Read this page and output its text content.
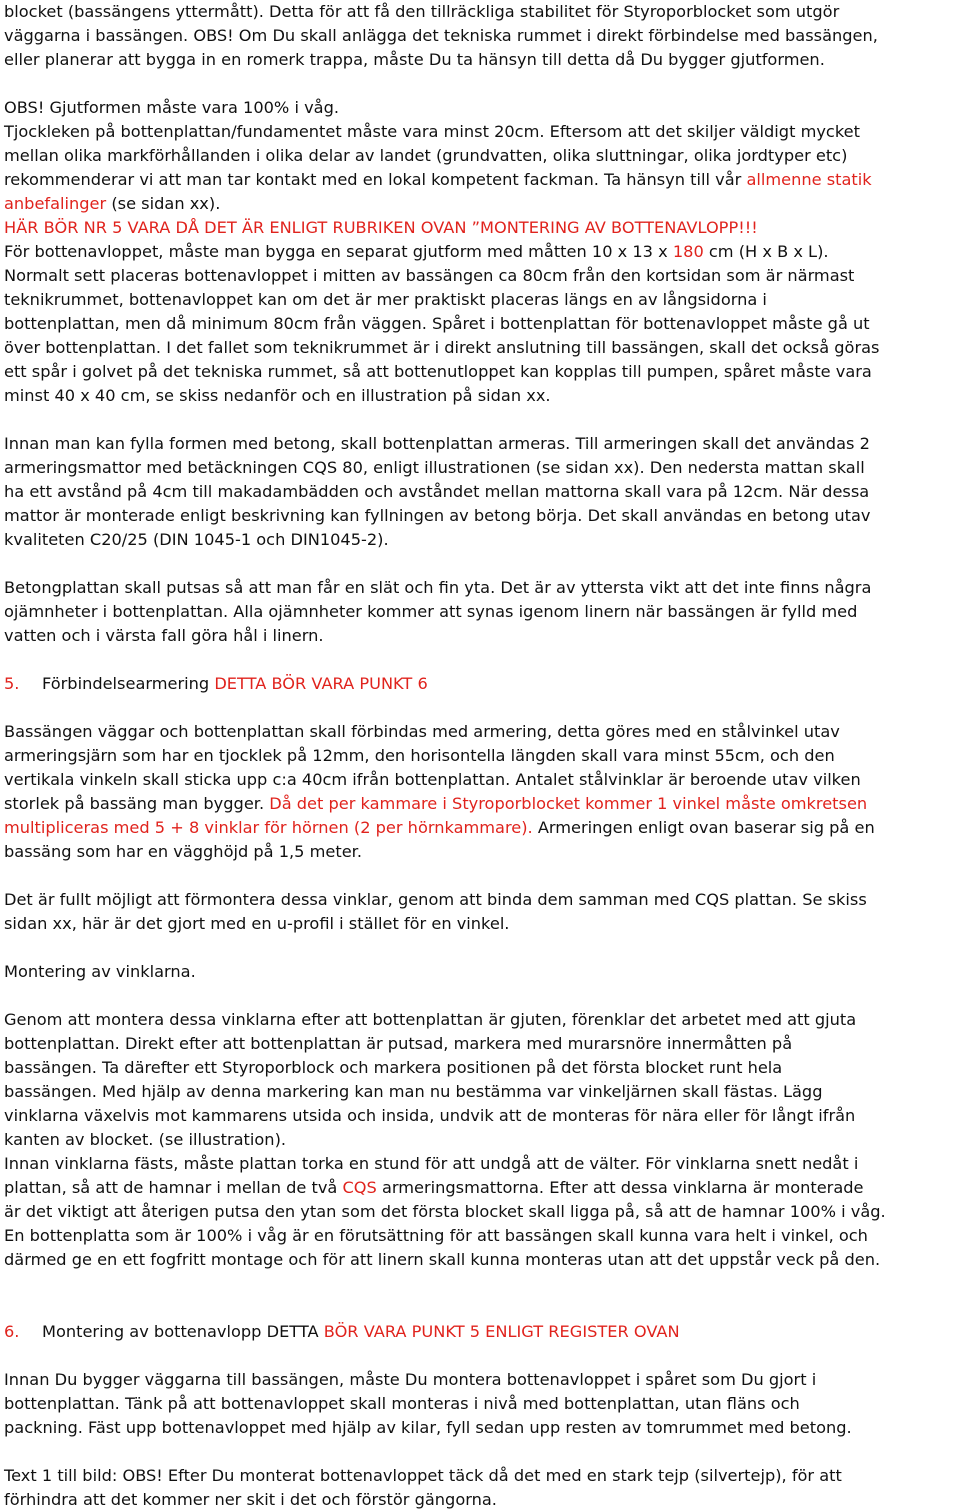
blocket (bassängens yttermått). Detta för att få den tillräckliga stabilitet för Styroporblocket som utgör

väggarna i bassängen. OBS! Om Du skall anlägga det tekniska rummet i direkt förbindelse med bassängen,

eller planerar att bygga in en romerk trappa, måste Du ta hänsyn till detta då Du bygger gjutformen.

OBS! Gjutformen måste vara 100% i våg.

Tjockleken på bottenplattan/fundamentet måste vara minst 20cm. Eftersom att det skiljer väldigt mycket

mellan olika markförhållanden i olika delar av landet (grundvatten, olika sluttningar, olika jordtyper etc)

rekommenderar vi att man tar kontakt med en lokal kompetent fackman. Ta hänsyn till vår allmenne statik

anbefalinger (se sidan xx).

HÄR BÖR NR 5 VARA DÅ DET ÄR ENLIGT RUBRIKEN OVAN ”MONTERING AV BOTTENAVLOPP!!!

För bottenavloppet, måste man bygga en separat gjutform med måtten 10 x 13 x 180 cm (H x B x L).

Normalt sett placeras bottenavloppet i mitten av bassängen ca 80cm från den kortsidan som är närmast

teknikrummet, bottenavloppet kan om det är mer praktiskt placeras längs en av långsidorna i

bottenplattan, men då minimum 80cm från väggen. Spåret i bottenplattan för bottenavloppet måste gå ut

över bottenplattan. I det fallet som teknikrummet är i direkt anslutning till bassängen, skall det också göras

ett spår i golvet på det tekniska rummet, så att bottenutloppet kan kopplas till pumpen, spåret måste vara

minst 40 x 40 cm, se skiss nedanför och en illustration på sidan xx.

Innan man kan fylla formen med betong, skall bottenplattan armeras. Till armeringen skall det användas 2

armeringsmattor med betäckningen CQS 80, enligt illustrationen (se sidan xx). Den nedersta mattan skall

ha ett avstånd på 4cm till makadambädden och avståndet mellan mattorna skall vara på 12cm. När dessa

mattor är monterade enligt beskrivning kan fyllningen av betong börja. Det skall användas en betong utav

kvaliteten C20/25 (DIN 1045-1 och DIN1045-2).

Betongplattan skall putsas så att man får en slät och fin yta. Det är av yttersta vikt att det inte finns några

ojämnheter i bottenplattan. Alla ojämnheter kommer att synas igenom linern när bassängen är fylld med

vatten och i värsta fall göra hål i linern.

5. Förbindelsearmering DETTA BÖR VARA PUNKT 6

Bassängen väggar och bottenplattan skall förbindas med armering, detta göres med en stålvinkel utav

armeringsjärn som har en tjocklek på 12mm, den horisontella längden skall vara minst 55cm, och den

vertikala vinkeln skall sticka upp c:a 40cm ifrån bottenplattan. Antalet stålvinklar är beroende utav vilken

storlek på bassäng man bygger. Då det per kammare i Styroporblocket kommer 1 vinkel måste omkretsen

multipliceras med 5 + 8 vinklar för hörnen (2 per hörnkammare). Armeringen enligt ovan baserar sig på en

bassäng som har en vägghöjd på 1,5 meter.

Det är fullt möjligt att förmontera dessa vinklar, genom att binda dem samman med CQS plattan. Se skiss

sidan xx, här är det gjort med en u-profil i stället för en vinkel.

Montering av vinklarna.

Genom att montera dessa vinklarna efter att bottenplattan är gjuten, förenklar det arbetet med att gjuta

bottenplattan. Direkt efter att bottenplattan är putsad, markera med murarsnöre innermåtten på

bassängen. Ta därefter ett Styroporblock och markera positionen på det första blocket runt hela

bassängen. Med hjälp av denna markering kan man nu bestämma var vinkeljärnen skall fästas. Lägg

vinklarna växelvis mot kammarens utsida och insida, undvik att de monteras för nära eller för långt ifrån

kanten av blocket. (se illustration).

Innan vinklarna fästs, måste plattan torka en stund för att undgå att de välter. För vinklarna snett nedåt i

plattan, så att de hamnar i mellan de två CQS armeringsmattorna. Efter att dessa vinklarna är monterade

är det viktigt att återigen putsa den ytan som det första blocket skall ligga på, så att de hamnar 100% i våg.

En bottenplatta som är 100% i våg är en förutsättning för att bassängen skall kunna vara helt i vinkel, och

därmed ge en ett fogfritt montage och för att linern skall kunna monteras utan att det uppstår veck på den.

6. Montering av bottenavlopp DETTA BÖR VARA PUNKT 5 ENLIGT REGISTER OVAN

Innan Du bygger väggarna till bassängen, måste Du montera bottenavloppet i spåret som Du gjort i

bottenplattan. Tänk på att bottenavloppet skall monteras i nivå med bottenplattan, utan fläns och

packning. Fäst upp bottenavloppet med hjälp av kilar, fyll sedan upp resten av tomrummet med betong.

Text 1 till bild: OBS! Efter Du monterat bottenavloppet täck då det med en stark tejp (silvertejp), för att

förhindra att det kommer ner skit i det och förstör gängorna.
